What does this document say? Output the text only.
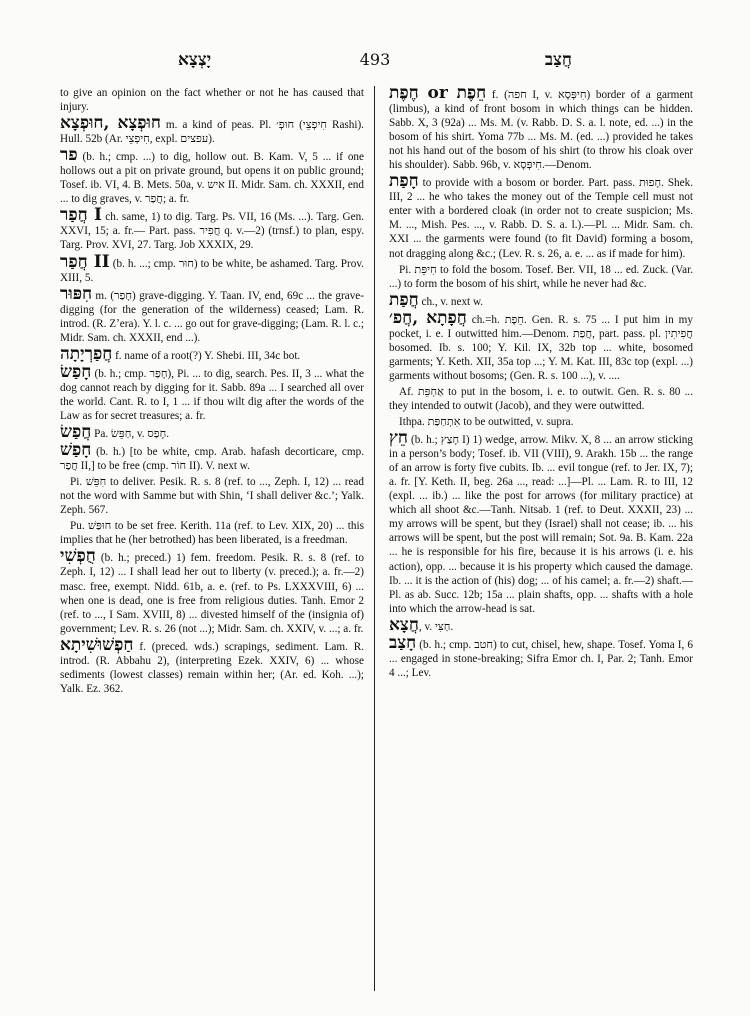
יָצְצָא	493	חֲצַב

to give an opinion on the fact whether or not he has caused that injury.

חוּפְצָא ,חוּפְצָא m. a kind of peas. Pl. חוּפְ׳ (חִיפְצֵי Rashi). Hull. 52b (Ar. חִיפְצֵי, expl. עפצים).

פר (b. h.; cmp. ...) to dig, hollow out. B. Kam. V, 5 ... if one hollows out a pit on private ground, but opens it on public ground; Tosef. ib. VI, 4. B. Mets. 50a, v. איש II. Midr. Sam. ch. XXXII, end ... to dig graves, v. חֲפַר; a. fr.

חֲפַר I ch. same, 1) to dig. Targ. Ps. VII, 16 (Ms. ...). Targ. Gen. XXVI, 15; a. fr.— Part. pass. חֲפִיר q. v.—2) (trnsf.) to plan, espy. Targ. Prov. XVI, 27. Targ. Job XXXIX, 29.

חֲפַר II (b. h. ...; cmp. חוּר) to be white, be ashamed. Targ. Prov. XIII, 5.

חִפּוּר m. (חָפַר) grave-digging. Y. Taan. IV, end, 69c ... the grave-digging (for the generation of the wilderness) ceased; Lam. R. introd. (R. Zʼera). Y. l. c. ... go out for grave-digging; (Lam. R. l. c.; Midr. Sam. ch. XXXII, end ...).

חֲפַרְיָתָה f. name of a root(?) Y. Shebi. III, 34c bot.

חָפַשׂ (b. h.; cmp. חָפַר), Pi. ... to dig, search. Pes. II, 3 ... what the dog cannot reach by digging for it. Sabb. 89a ... I searched all over the world. Cant. R. to I, 1 ... if thou wilt dig after the words of the Law as for secret treasures; a. fr.

חֲפַשׂ Pa. חַפֵּשׂ, v. חָפַס.

חָפַשׁ (b. h.) [to be white, cmp. Arab. hafash decorticare, cmp. חֲפַר II,] to be free (cmp. חוֹר II). V. next w.

Pi. חִפֵּשׁ to deliver. Pesik. R. s. 8 (ref. to ..., Zeph. I, 12) ... read not the word with Samme but with Shin, ‘I shall deliver &c.’; Yalk. Zeph. 567.

Pu. חוּפַּשׁ to be set free. Kerith. 11a (ref. to Lev. XIX, 20) ... this implies that he (her betrothed) has been liberated, is a freedman.

חֻפְשִׁי (b. h.; preced.) 1) fem. freedom. Pesik. R. s. 8 (ref. to Zeph. I, 12) ... I shall lead her out to liberty (v. preced.); a. fr.—2) masc. free, exempt. Nidd. 61b, a. e. (ref. to Ps. LXXXVIII, 6) ... when one is dead, one is free from religious duties. Tanh. Emor 2 (ref. to ..., I Sam. XVIII, 8) ... divested himself of the (insignia of) government; Lev. R. s. 26 (not ...); Midr. Sam. ch. XXIV, v. ...; a. fr.

חַפְשׁוּשִׁיתָא f. (preced. wds.) scrapings, sediment. Lam. R. introd. (R. Abbahu 2), (interpreting Ezek. XXIV, 6) ... whose sediments (lowest classes) remain within her; (Ar. ed. Koh. ...); Yalk. Ez. 362.

חֶפֶת or חֵפֶת f. (חפה I, v. חִיפְּסָא) border of a garment (limbus), a kind of front bosom in which things can be hidden. Sabb. X, 3 (92a) ... Ms. M. (v. Rabb. D. S. a. l. note, ed. ...) in the bosom of his shirt. Yoma 77b ... Ms. M. (ed. ...) provided he takes not his hand out of the bosom of his shirt (to throw his cloak over his shoulder). Sabb. 96b, v. חִיפְּסָא.—Denom.

חָפַת to provide with a bosom or border. Part. pass. חָפוּת. Shek. III, 2 ... he who takes the money out of the Temple cell must not enter with a bordered cloak (in order not to create suspicion; Ms. M. ..., Mish. Pes. ..., v. Rabb. D. S. a. l.).—Pl. ... Midr. Sam. ch. XXI ... the garments were found (to fit David) forming a bosom, not dragging along &c.; (Lev. R. s. 26, a. e. ... as if made for him).

Pi. חִיפֵּת to fold the bosom. Tosef. Ber. VII, 18 ... ed. Zuck. (Var. ...) to form the bosom of his shirt, while he never had &c.

חֲפַת ch., v. next w.

חֲפָתָא ,חֲפ׳ ch.=h. חֵפֶת. Gen. R. s. 75 ... I put him in my pocket, i. e. I outwitted him.—Denom. חֲפַת, part. pass. pl. חֲפִיתִין bosomed. Ib. s. 100; Y. Kil. IX, 32b top ... white, bosomed garments; Y. Keth. XII, 35a top ...; Y. M. Kat. III, 83c top (expl. ...) garments without bosoms; (Gen. R. s. 100 ...), v. ....

Af. אַחְפֵּת to put in the bosom, i. e. to outwit. Gen. R. s. 80 ... they intended to outwit (Jacob), and they were outwitted.

Ithpa. אִתְחַפַּת to be outwitted, v. supra.

חֵץ (b. h.; חָצַץ I) 1) wedge, arrow. Mikv. X, 8 ... an arrow sticking in a person’s body; Tosef. ib. VII (VIII), 9. Arakh. 15b ... the range of an arrow is forty five cubits. Ib. ... evil tongue (ref. to Jer. IX, 7); a. fr. [Y. Keth. II, beg. 26a ..., read: ...]—Pl. ... Lam. R. to III, 12 (expl. ... ib.) ... like the post for arrows (for military practice) at which all shoot &c.—Tanh. Nitsab. 1 (ref. to Deut. XXXII, 23) ... my arrows will be spent, but they (Israel) shall not cease; ib. ... his arrows will be spent, but the post will remain; Sot. 9a. B. Kam. 22a ... he is responsible for his fire, because it is his arrows (i. e. his action), opp. ... because it is his property which caused the damage. Ib. ... it is the action of (his) dog; ... of his camel; a. fr.—2) shaft.—Pl. as ab. Succ. 12b; 15a ... plain shafts, opp. ... shafts with a hole into which the arrow-head is sat.

חֲצָא, v. חַצִּי.

חָצַב (b. h.; cmp. חטב) to cut, chisel, hew, shape. Tosef. Yoma I, 6 ... engaged in stone-breaking; Sifra Emor ch. I, Par. 2; Tanh. Emor 4 ...; Lev.
